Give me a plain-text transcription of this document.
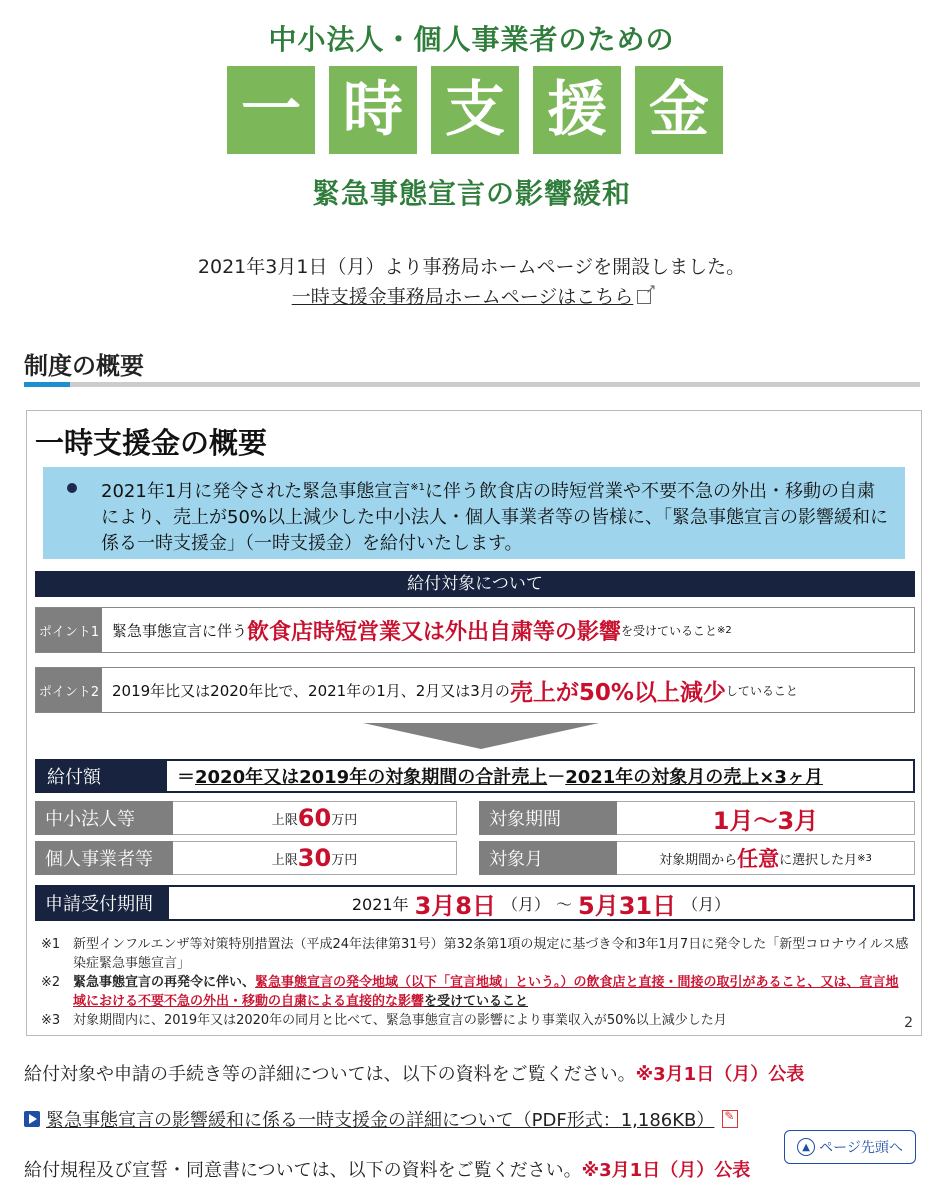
中小法人・個人事業者のための
一 時 支 援 金
緊急事態宣言の影響緩和
2021年3月1日（月）より事務局ホームページを開設しました。
一時支援金事務局ホームページはこちら↗
制度の概要
一時支援金の概要
2021年1月に発令された緊急事態宣言$^{※1}$に伴う飲食店の時短営業や不要不急の外出・移動の自粛により、売上が50%以上減少した中小法人・個人事業者等の皆様に、「緊急事態宣言の影響緩和に係る一時支援金」（一時支援金）を給付いたします。
給付対象について
ポイント1 緊急事態宣言に伴う 飲食店時短営業又は外出自粛等の影響 を受けていること ※2
ポイント2 2019年比又は2020年比で、2021年の1月、2月又は3月の 売上が50%以上減少 していること
給付額	＝ 2020年又は2019年の対象期間の合計売上 － 2021年の対象月の売上×3ヶ月
中小法人等	上限 60 万円	対象期間	1月～3月
個人事業者等	上限 30 万円	対象月	対象期間から 任意 に選択した月 ※3
申請受付期間	2021年 3月8日 （月） ～ 5月31日 （月）
※1 新型インフルエンザ等対策特別措置法（平成24年法律第31号）第32条第1項の規定に基づき令和3年1月7日に発令した「新型コロナウイルス感染症緊急事態宣言」
※2 緊急事態宣言の再発令に伴い、緊急事態宣言の発令地域（以下「宣言地域」という。）の飲食店と直接・間接の取引があること、又は、宣言地域における不要不急の外出・移動の自粛による直接的な影響を受けていること
※3 対象期間内に、2019年又は2020年の同月と比べて、緊急事態宣言の影響により事業収入が50%以上減少した月	2
給付対象や申請の手続き等の詳細については、以下の資料をご覧ください。※3月1日（月）公表
緊急事態宣言の影響緩和に係る一時支援金の詳細について（PDF形式：1,186KB）
✎
給付規程及び宣誓・同意書については、以下の資料をご覧ください。※3月1日（月）公表
▲ ページ先頭へ
